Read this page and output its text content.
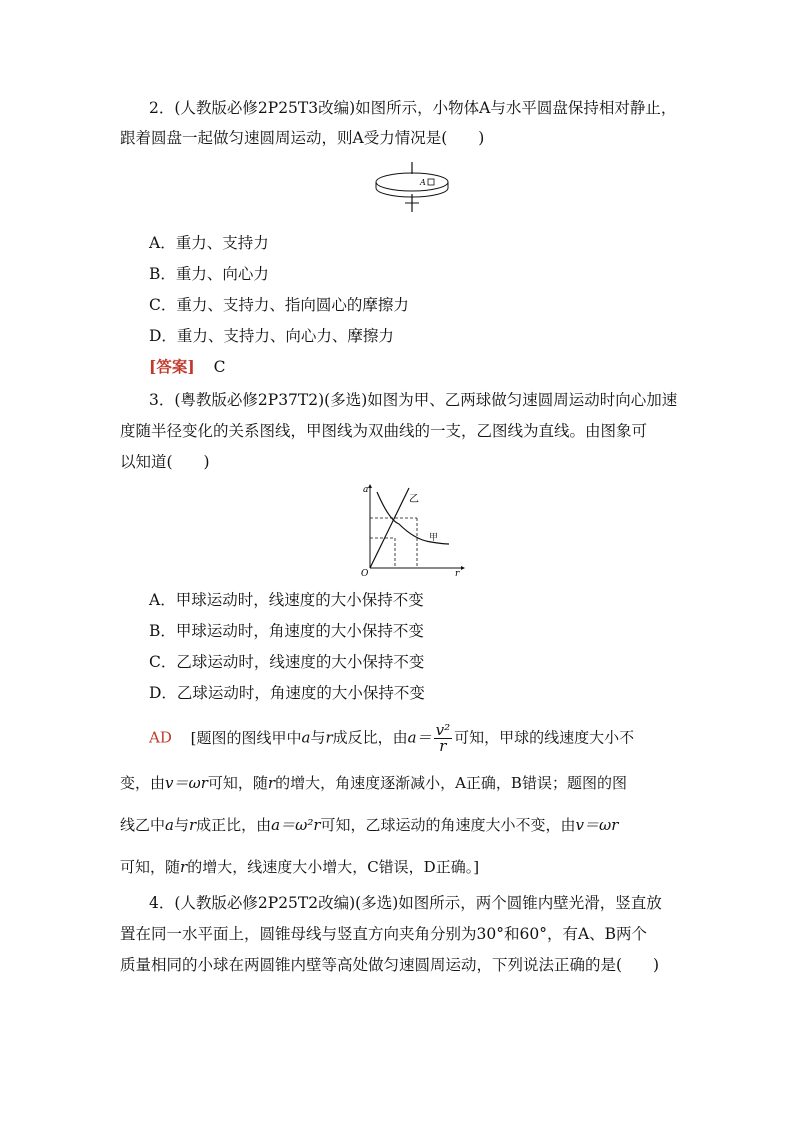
2．(人教版必修2P25T3改编)如图所示，小物体A与水平圆盘保持相对静止，
跟着圆盘一起做匀速圆周运动，则A受力情况是(　　)
A
A．重力、支持力
B．重力、向心力
C．重力、支持力、指向圆心的摩擦力
D．重力、支持力、向心力、摩擦力
[答案] C
3．(粤教版必修2P37T2)(多选)如图为甲、乙两球做匀速圆周运动时向心加速
度随半径变化的关系图线，甲图线为双曲线的一支，乙图线为直线。由图象可
以知道(　　)
a
r
O
乙
甲
A．甲球运动时，线速度的大小保持不变
B．甲球运动时，角速度的大小保持不变
C．乙球运动时，线速度的大小保持不变
D．乙球运动时，角速度的大小保持不变
AD [题图的图线甲中a与r成反比，由$a= \frac{\text{v²}}{r}$ 可知，甲球的线速度大小不
变，由v＝ωr可知，随r的增大，角速度逐渐减小，A正确，B错误；题图的图
线乙中a与r成正比，由a＝ω²r可知，乙球运动的角速度大小不变，由v＝ωr
可知，随r的增大，线速度大小增大，C错误，D正确。]
4．(人教版必修2P25T2改编)(多选)如图所示，两个圆锥内壁光滑，竖直放
置在同一水平面上，圆锥母线与竖直方向夹角分别为30°和60°，有A、B两个
质量相同的小球在两圆锥内壁等高处做匀速圆周运动，下列说法正确的是(　　)
